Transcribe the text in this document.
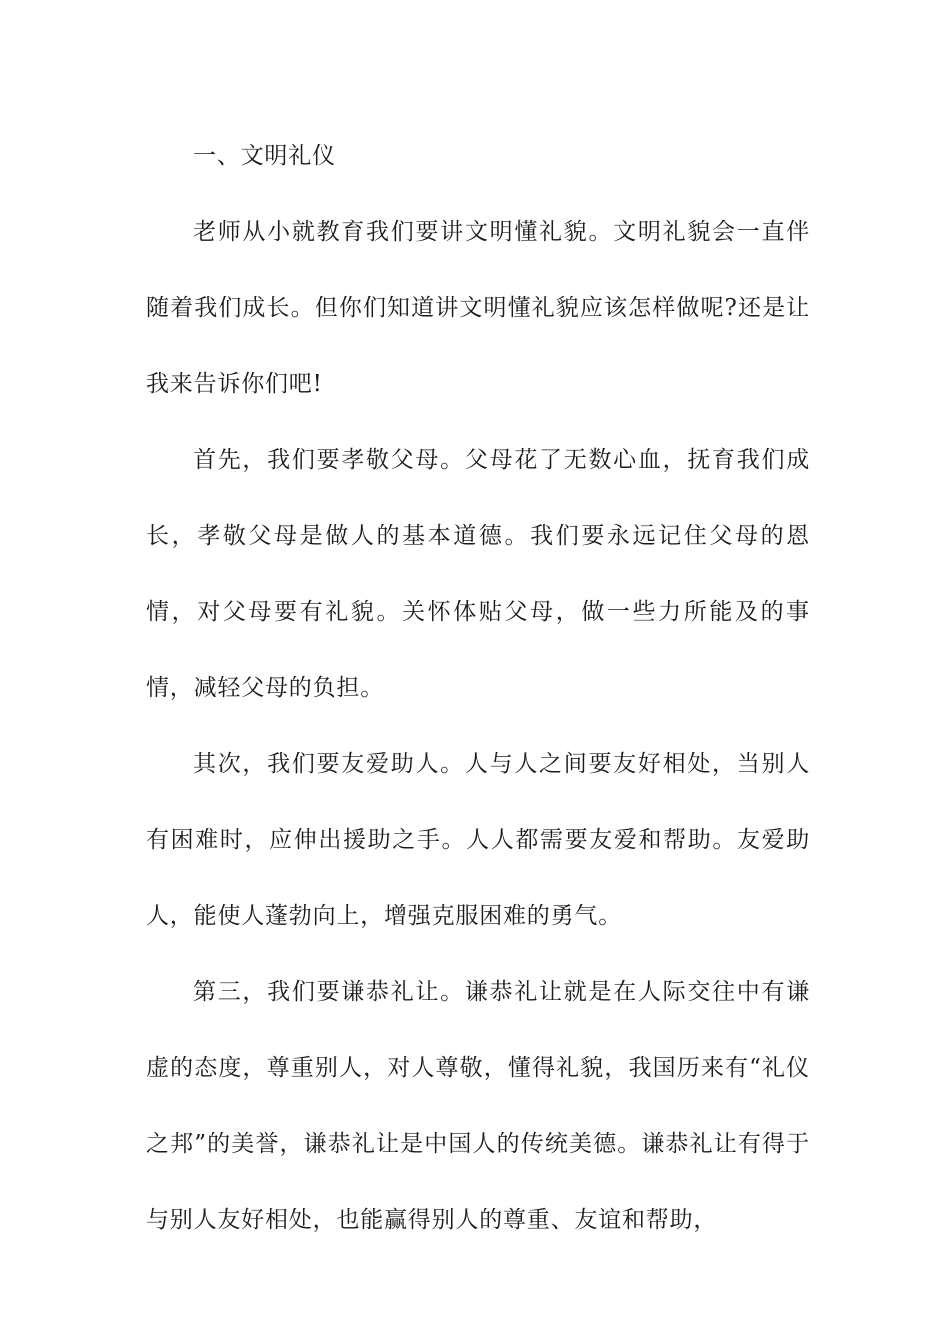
一、文明礼仪

老师从小就教育我们要讲文明懂礼貌。文明礼貌会一直伴随着我们成长。但你们知道讲文明懂礼貌应该怎样做呢?还是让我来告诉你们吧!

首先，我们要孝敬父母。父母花了无数心血，抚育我们成长，孝敬父母是做人的基本道德。我们要永远记住父母的恩情，对父母要有礼貌。关怀体贴父母，做一些力所能及的事情，减轻父母的负担。

其次，我们要友爱助人。人与人之间要友好相处，当别人有困难时，应伸出援助之手。人人都需要友爱和帮助。友爱助人，能使人蓬勃向上，增强克服困难的勇气。

第三，我们要谦恭礼让。谦恭礼让就是在人际交往中有谦虚的态度，尊重别人，对人尊敬，懂得礼貌，我国历来有“礼仪之邦”的美誉，谦恭礼让是中国人的传统美德。谦恭礼让有得于与别人友好相处，也能赢得别人的尊重、友谊和帮助，
